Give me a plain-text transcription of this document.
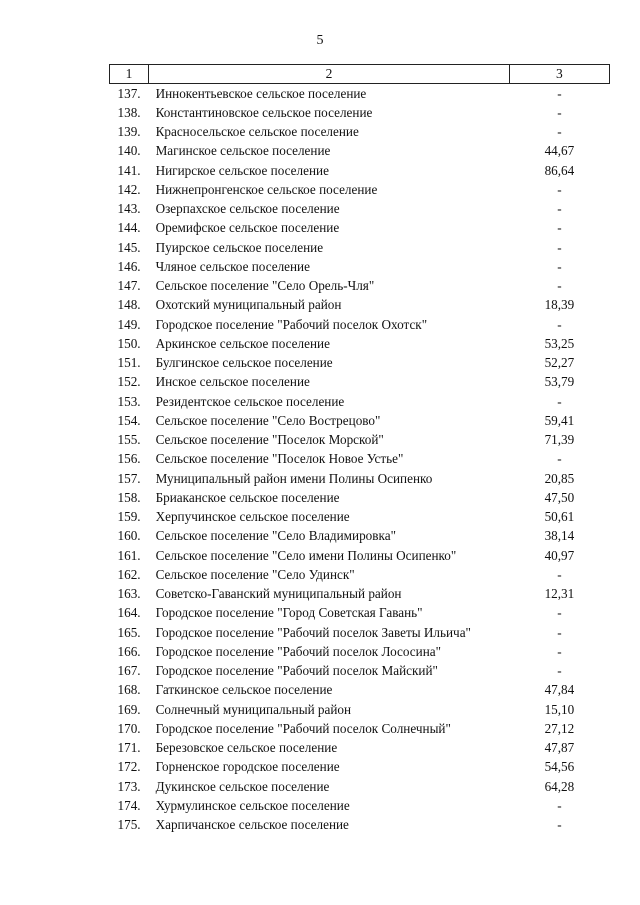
5
1	2	3
137.	Иннокентьевское сельское поселение	-
138.	Константиновское сельское поселение	-
139.	Красносельское сельское поселение	-
140.	Магинское сельское поселение	44,67
141.	Нигирское сельское поселение	86,64
142.	Нижнепронгенское сельское поселение	-
143.	Озерпахское сельское поселение	-
144.	Оремифское сельское поселение	-
145.	Пуирское сельское поселение	-
146.	Чляное сельское поселение	-
147.	Сельское поселение "Село Орель-Чля"	-
148.	Охотский муниципальный район	18,39
149.	Городское поселение "Рабочий поселок Охотск"	-
150.	Аркинское сельское поселение	53,25
151.	Булгинское сельское поселение	52,27
152.	Инское сельское поселение	53,79
153.	Резидентское сельское поселение	-
154.	Сельское поселение "Село Вострецово"	59,41
155.	Сельское поселение "Поселок Морской"	71,39
156.	Сельское поселение "Поселок Новое Устье"	-
157.	Муниципальный район имени Полины Осипенко	20,85
158.	Бриаканское сельское поселение	47,50
159.	Херпучинское сельское поселение	50,61
160.	Сельское поселение "Село Владимировка"	38,14
161.	Сельское поселение "Село имени Полины Осипенко"	40,97
162.	Сельское поселение "Село Удинск"	-
163.	Советско-Гаванский муниципальный район	12,31
164.	Городское поселение "Город Советская Гавань"	-
165.	Городское поселение "Рабочий поселок Заветы Ильича"	-
166.	Городское поселение "Рабочий поселок Лососина"	-
167.	Городское поселение "Рабочий поселок Майский"	-
168.	Гаткинское сельское поселение	47,84
169.	Солнечный муниципальный район	15,10
170.	Городское поселение "Рабочий поселок Солнечный"	27,12
171.	Березовское сельское поселение	47,87
172.	Горненское городское поселение	54,56
173.	Дукинское сельское поселение	64,28
174.	Хурмулинское сельское поселение	-
175.	Харпичанское сельское поселение	-
